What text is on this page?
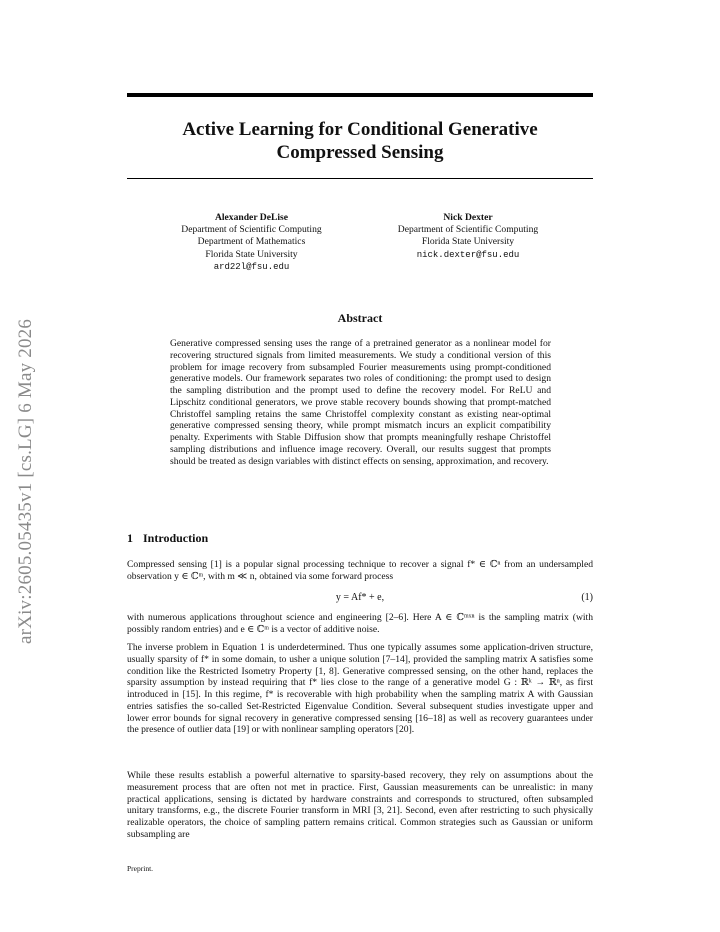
arXiv:2605.05435v1 [cs.LG] 6 May 2026
Active Learning for Conditional Generative
Compressed Sensing
Alexander DeLise
Department of Scientific Computing
Department of Mathematics
Florida State University
ard22l@fsu.edu
Nick Dexter
Department of Scientific Computing
Florida State University
nick.dexter@fsu.edu
Abstract
Generative compressed sensing uses the range of a pretrained generator as a nonlinear model for recovering structured signals from limited measurements. We study a conditional version of this problem for image recovery from subsampled Fourier measurements using prompt-conditioned generative models. Our framework separates two roles of conditioning: the prompt used to design the sampling distribution and the prompt used to define the recovery model. For ReLU and Lipschitz conditional generators, we prove stable recovery bounds showing that prompt-matched Christoffel sampling retains the same Christoffel complexity constant as existing near-optimal generative compressed sensing theory, while prompt mismatch incurs an explicit compatibility penalty. Experiments with Stable Diffusion show that prompts meaningfully reshape Christoffel sampling distributions and influence image recovery. Overall, our results suggest that prompts should be treated as design variables with distinct effects on sensing, approximation, and recovery.
1 Introduction
Compressed sensing [1] is a popular signal processing technique to recover a signal f* ∈ ℂⁿ from an undersampled observation y ∈ ℂᵐ, with m ≪ n, obtained via some forward process
y = Af* + e,	(1)
with numerous applications throughout science and engineering [2–6]. Here A ∈ ℂᵐˣⁿ is the sampling matrix (with possibly random entries) and e ∈ ℂᵐ is a vector of additive noise.
The inverse problem in Equation 1 is underdetermined. Thus one typically assumes some application-driven structure, usually sparsity of f* in some domain, to usher a unique solution [7–14], provided the sampling matrix A satisfies some condition like the Restricted Isometry Property [1, 8]. Generative compressed sensing, on the other hand, replaces the sparsity assumption by instead requiring that f* lies close to the range of a generative model G : ℝᵏ → ℝⁿ, as first introduced in [15]. In this regime, f* is recoverable with high probability when the sampling matrix A with Gaussian entries satisfies the so-called Set-Restricted Eigenvalue Condition. Several subsequent studies investigate upper and lower error bounds for signal recovery in generative compressed sensing [16–18] as well as recovery guarantees under the presence of outlier data [19] or with nonlinear sampling operators [20].
While these results establish a powerful alternative to sparsity-based recovery, they rely on assumptions about the measurement process that are often not met in practice. First, Gaussian measurements can be unrealistic: in many practical applications, sensing is dictated by hardware constraints and corresponds to structured, often subsampled unitary transforms, e.g., the discrete Fourier transform in MRI [3, 21]. Second, even after restricting to such physically realizable operators, the choice of sampling pattern remains critical. Common strategies such as Gaussian or uniform subsampling are
Preprint.
